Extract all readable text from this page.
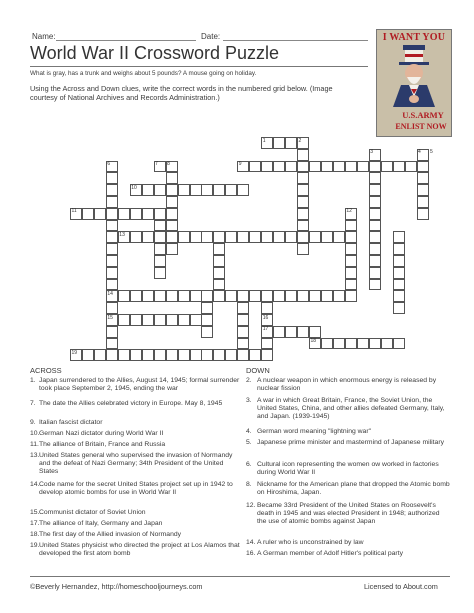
Name:	Date:
World War II Crossword Puzzle
What is gray, has a trunk and weighs about 5 pounds? A mouse going on holiday.
Using the Across and Down clues, write the correct words in the numbered grid below. (Image courtesy of National Archives and Records Administration.)
I WANT YOU
U.S.ARMY
ENLIST NOW
1	2
7 8	9
10
11
13
14
15
17
18
19
3	4
6
12
16
5
ACROSS
1. Japan surrendered to the Allies, August 14, 1945; formal surrender took place September 2, 1945, ending the war
7. The date the Allies celebrated victory in Europe. May 8, 1945
9. Italian fascist dictator
10. German Nazi dictator during World War II
11. The alliance of Britain, France and Russia
13. United States general who supervised the invasion of Normandy and the defeat of Nazi Germany; 34th President of the United States
14. Code name for the secret United States project set up in 1942 to develop atomic bombs for use in World War II
15. Communist dictator of Soviet Union
17. The alliance of Italy, Germany and Japan
18. The first day of the Allied invasion of Normandy
19. United States physicist who directed the project at Los Alamos that developed the first atom bomb
DOWN
2. A nuclear weapon in which enormous energy is released by nuclear fission
3. A war in which Great Britain, France, the Soviet Union, the United States, China, and other allies defeated Germany, Italy, and Japan. (1939-1945)
4. German word meaning "lightning war"
5. Japanese prime minister and mastermind of Japanese military
6. Cultural icon representing the women ow worked in factories during World War II
8. Nickname for the American plane that dropped the Atomic bomb on Hiroshima, Japan.
12. Became 33rd President of the United States on Roosevelt's death in 1945 and was elected President in 1948; authorized the use of atomic bombs against Japan
14. A ruler who is unconstrained by law
16. A German member of Adolf Hitler's political party
©Beverly Hernandez, http://homeschooljourneys.com	Licensed to About.com
